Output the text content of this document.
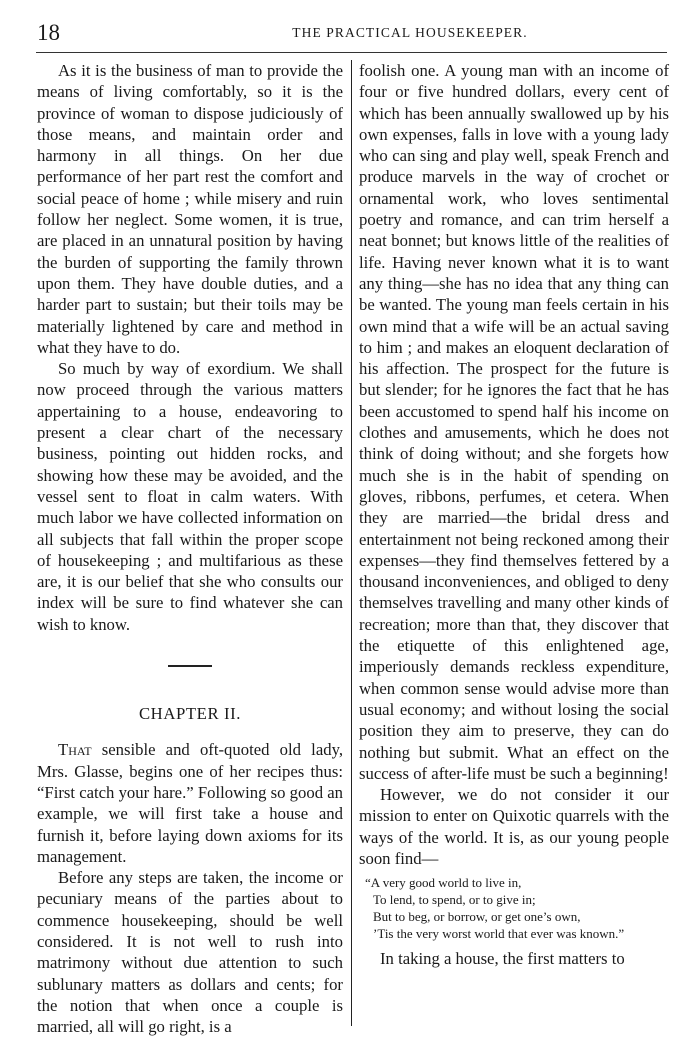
18	THE PRACTICAL HOUSEKEEPER.

As it is the business of man to provide the means of living comfortably, so it is the province of woman to dispose judiciously of those means, and maintain order and harmony in all things. On her due performance of her part rest the comfort and social peace of home ; while misery and ruin follow her neglect. Some women, it is true, are placed in an unnatural position by having the burden of supporting the family thrown upon them. They have double duties, and a harder part to sustain; but their toils may be materially lightened by care and method in what they have to do.

So much by way of exordium. We shall now proceed through the various matters appertaining to a house, endeavoring to present a clear chart of the necessary business, pointing out hidden rocks, and showing how these may be avoided, and the vessel sent to float in calm waters. With much labor we have collected information on all subjects that fall within the proper scope of housekeeping ; and multifarious as these are, it is our belief that she who consults our index will be sure to find whatever she can wish to know.

CHAPTER II.

That sensible and oft-quoted old lady, Mrs. Glasse, begins one of her recipes thus: “First catch your hare.” Following so good an example, we will first take a house and furnish it, before laying down axioms for its management.

Before any steps are taken, the income or pecuniary means of the parties about to commence housekeeping, should be well considered. It is not well to rush into matrimony without due attention to such sublunary matters as dollars and cents; for the notion that when once a couple is married, all will go right, is a

foolish one. A young man with an income of four or five hundred dollars, every cent of which has been annually swallowed up by his own expenses, falls in love with a young lady who can sing and play well, speak French and produce marvels in the way of crochet or ornamental work, who loves sentimental poetry and romance, and can trim herself a neat bonnet; but knows little of the realities of life. Having never known what it is to want any thing—she has no idea that any thing can be wanted. The young man feels certain in his own mind that a wife will be an actual saving to him ; and makes an eloquent declaration of his affection. The prospect for the future is but slender; for he ignores the fact that he has been accustomed to spend half his income on clothes and amusements, which he does not think of doing without; and she forgets how much she is in the habit of spending on gloves, ribbons, perfumes, et cetera. When they are married—the bridal dress and entertainment not being reckoned among their expenses—they find themselves fettered by a thousand inconveniences, and obliged to deny themselves travelling and many other kinds of recreation; more than that, they discover that the etiquette of this enlightened age, imperiously demands reckless expenditure, when common sense would advise more than usual economy; and without losing the social position they aim to preserve, they can do nothing but submit. What an effect on the success of after-life must be such a beginning!

However, we do not consider it our mission to enter on Quixotic quarrels with the ways of the world. It is, as our young people soon find—

“A very good world to live in,
To lend, to spend, or to give in;
But to beg, or borrow, or get one’s own,
’Tis the very worst world that ever was known.”

In taking a house, the first matters to
